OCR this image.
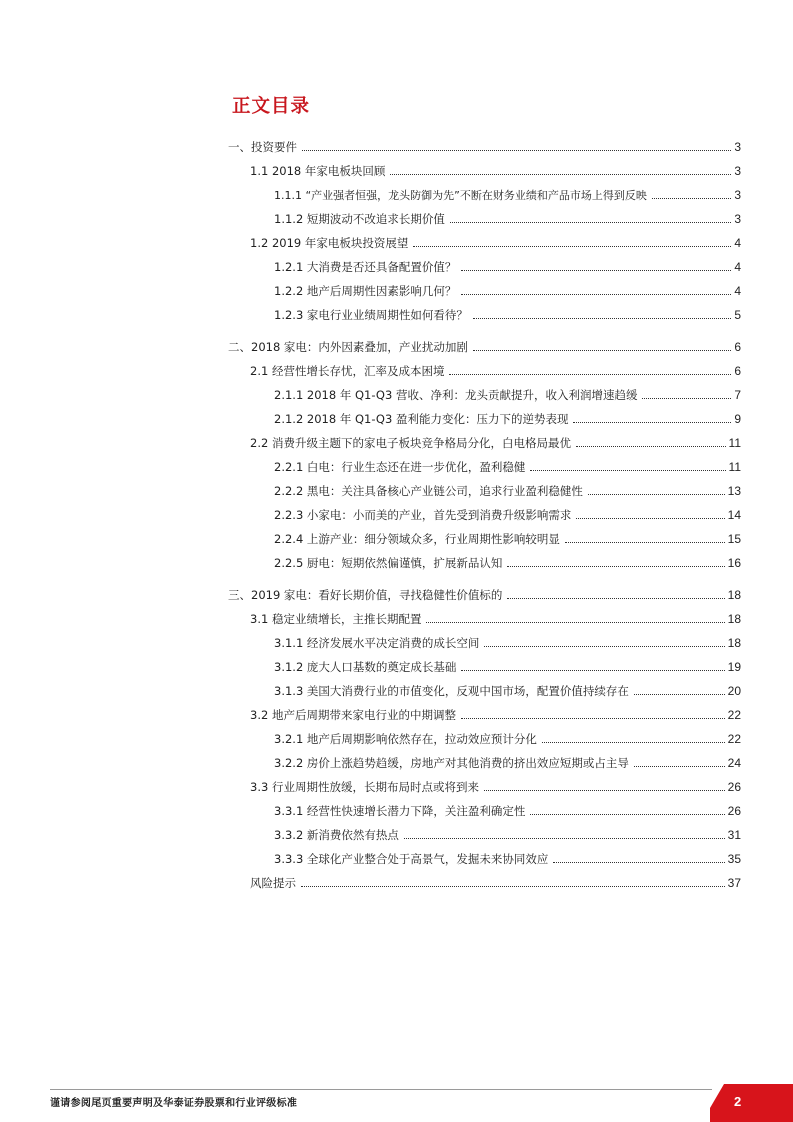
正文目录
一、投资要件	3
1.1 2018 年家电板块回顾	3
1.1.1 “产业强者恒强，龙头防御为先”不断在财务业绩和产品市场上得到反映	3
1.1.2 短期波动不改追求长期价值	3
1.2 2019 年家电板块投资展望	4
1.2.1 大消费是否还具备配置价值？	4
1.2.2 地产后周期性因素影响几何？	4
1.2.3 家电行业业绩周期性如何看待？	5
二、2018 家电：内外因素叠加，产业扰动加剧	6
2.1 经营性增长存忧，汇率及成本困境	6
2.1.1 2018 年 Q1-Q3 营收、净利：龙头贡献提升，收入利润增速趋缓	7
2.1.2 2018 年 Q1-Q3 盈利能力变化：压力下的逆势表现	9
2.2 消费升级主题下的家电子板块竞争格局分化，白电格局最优	11
2.2.1 白电：行业生态还在进一步优化，盈利稳健	11
2.2.2 黑电：关注具备核心产业链公司，追求行业盈利稳健性	13
2.2.3 小家电：小而美的产业，首先受到消费升级影响需求	14
2.2.4 上游产业：细分领域众多，行业周期性影响较明显	15
2.2.5 厨电：短期依然偏谨慎，扩展新品认知	16
三、2019 家电：看好长期价值，寻找稳健性价值标的	18
3.1 稳定业绩增长，主推长期配置	18
3.1.1 经济发展水平决定消费的成长空间	18
3.1.2 庞大人口基数的奠定成长基础	19
3.1.3 美国大消费行业的市值变化，反观中国市场，配置价值持续存在	20
3.2 地产后周期带来家电行业的中期调整	22
3.2.1 地产后周期影响依然存在，拉动效应预计分化	22
3.2.2 房价上涨趋势趋缓，房地产对其他消费的挤出效应短期或占主导	24
3.3 行业周期性放缓，长期布局时点或将到来	26
3.3.1 经营性快速增长潜力下降，关注盈利确定性	26
3.3.2 新消费依然有热点	31
3.3.3 全球化产业整合处于高景气，发掘未来协同效应	35
风险提示	37
谨请参阅尾页重要声明及华泰证券股票和行业评级标准	2
